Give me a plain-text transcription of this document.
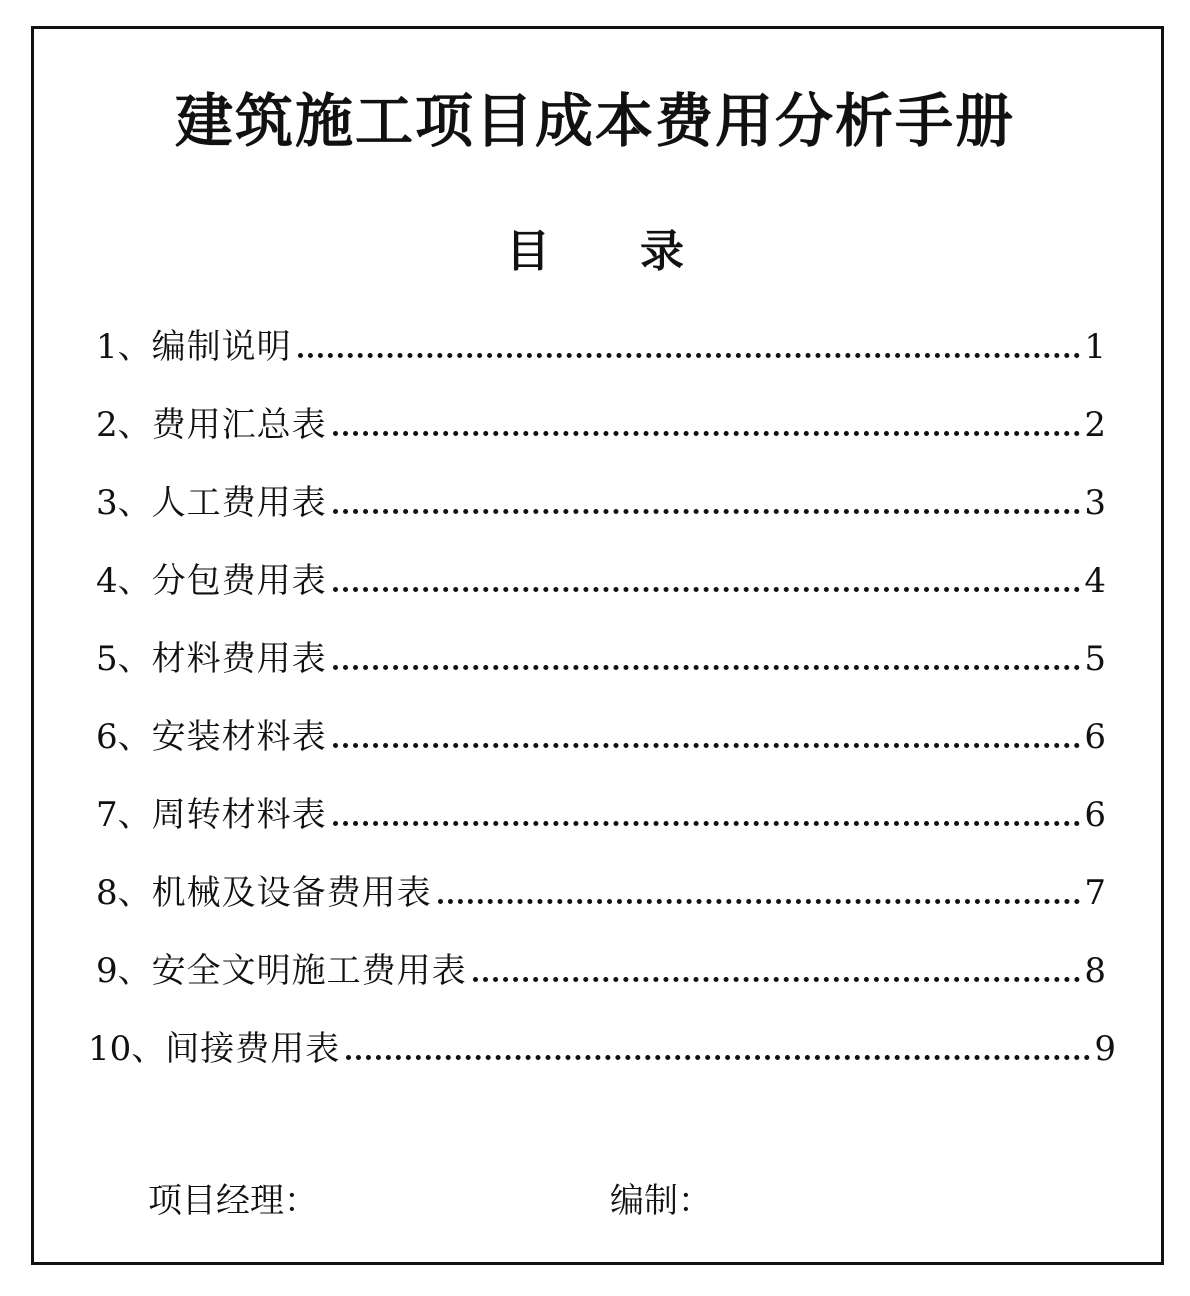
建筑施工项目成本费用分析手册
目 录
1、 编制说明	1
2、 费用汇总表	2
3、 人工费用表	3
4、 分包费用表	4
5、 材料费用表	5
6、 安装材料表	6
7、 周转材料表	6
8、 机械及设备费用表	7
9、 安全文明施工费用表	8
10、 间接费用表	9
项目经理：	编制：
